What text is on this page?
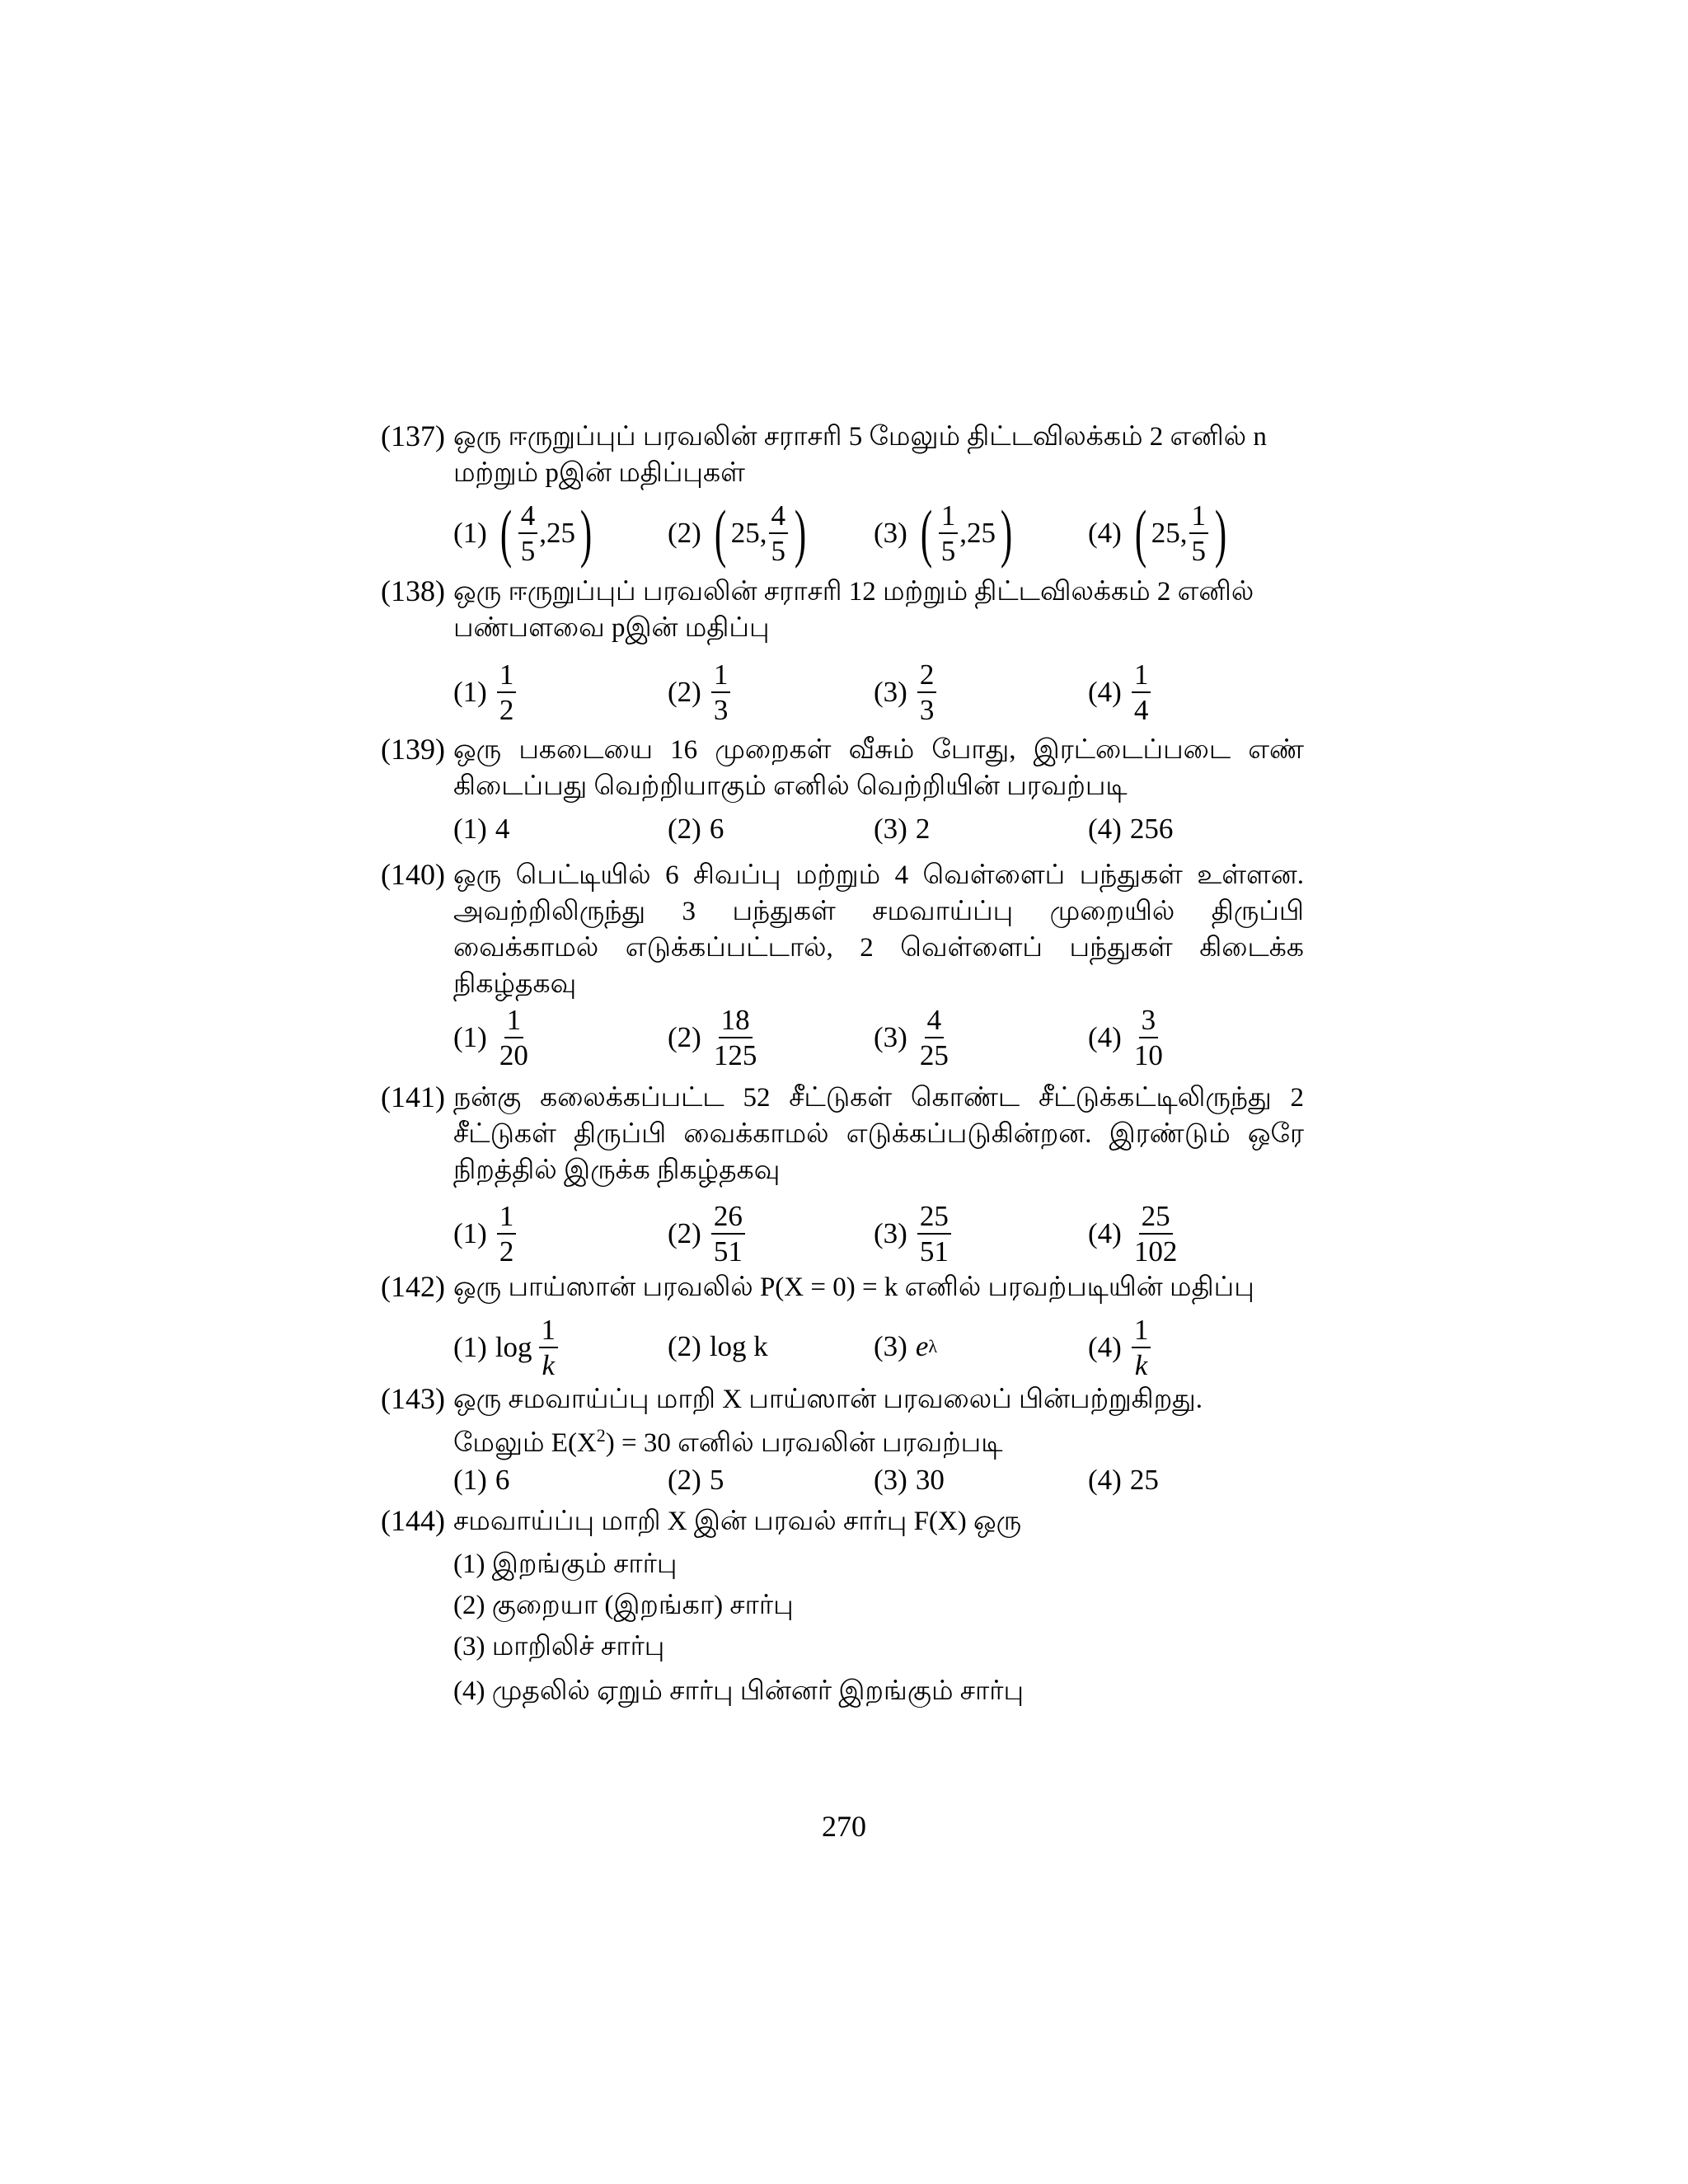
(137) ஒரு ஈருறுப்புப் பரவலின் சராசரி 5 மேலும் திட்டவிலக்கம் 2 எனில் n மற்றும் pஇன் மதிப்புகள்
(1) ( $\frac{4}{5} ,25$ )	(2) ( 25, $\frac{4}{5}$ ) (3) ( $\frac{1}{5} ,25$ )	(4) ( 25, $\frac{1}{5}$ )
(138) ஒரு ஈருறுப்புப் பரவலின் சராசரி 12 மற்றும் திட்டவிலக்கம் 2 எனில் பண்பளவை pஇன் மதிப்பு
$(1) \frac{1}{2}$	$(2) \frac{1}{3}$	$(3) \frac{2}{3}$	$(4) \frac{1}{4}$
(139) ஒரு பகடையை 16 முறைகள் வீசும் போது, இரட்டைப்படை எண் கிடைப்பது வெற்றியாகும் எனில் வெற்றியின் பரவற்படி
(1) 4	(2) 6	(3) 2	(4) 256
(140) ஒரு பெட்டியில் 6 சிவப்பு மற்றும் 4 வெள்ளைப் பந்துகள் உள்ளன. அவற்றிலிருந்து 3 பந்துகள் சமவாய்ப்பு முறையில் திருப்பி வைக்காமல் எடுக்கப்பட்டால், 2 வெள்ளைப் பந்துகள் கிடைக்க நிகழ்தகவு
$(1) \frac{1}{20}$	$(2) \frac{18}{125}$	$(3) \frac{4}{25}$	$(4) \frac{3}{10}$
(141) நன்கு கலைக்கப்பட்ட 52 சீட்டுகள் கொண்ட சீட்டுக்கட்டிலிருந்து 2 சீட்டுகள் திருப்பி வைக்காமல் எடுக்கப்படுகின்றன. இரண்டும் ஒரே நிறத்தில் இருக்க நிகழ்தகவு
$(1) \frac{1}{2}$	$(2) \frac{26}{51}$	$(3) \frac{25}{51}$	$(4) \frac{25}{102}$
(142) ஒரு பாய்ஸான் பரவலில் P(X = 0) = k எனில் பரவற்படியின் மதிப்பு
(1) $\log \frac{1}{k}$	(2) log k	(3) e λ	$(4) \frac{1}{k}$
(143) ஒரு சமவாய்ப்பு மாறி X பாய்ஸான் பரவலைப் பின்பற்றுகிறது.
மேலும் $E(X^2) = 30$ எனில் பரவலின் பரவற்படி
(1) 6	(2) 5	(3) 30	(4) 25
(144) சமவாய்ப்பு மாறி X இன் பரவல் சார்பு F(X) ஒரு
(1) இறங்கும் சார்பு
(2) குறையா (இறங்கா) சார்பு
(3) மாறிலிச் சார்பு
(4) முதலில் ஏறும் சார்பு பின்னர் இறங்கும் சார்பு
270
